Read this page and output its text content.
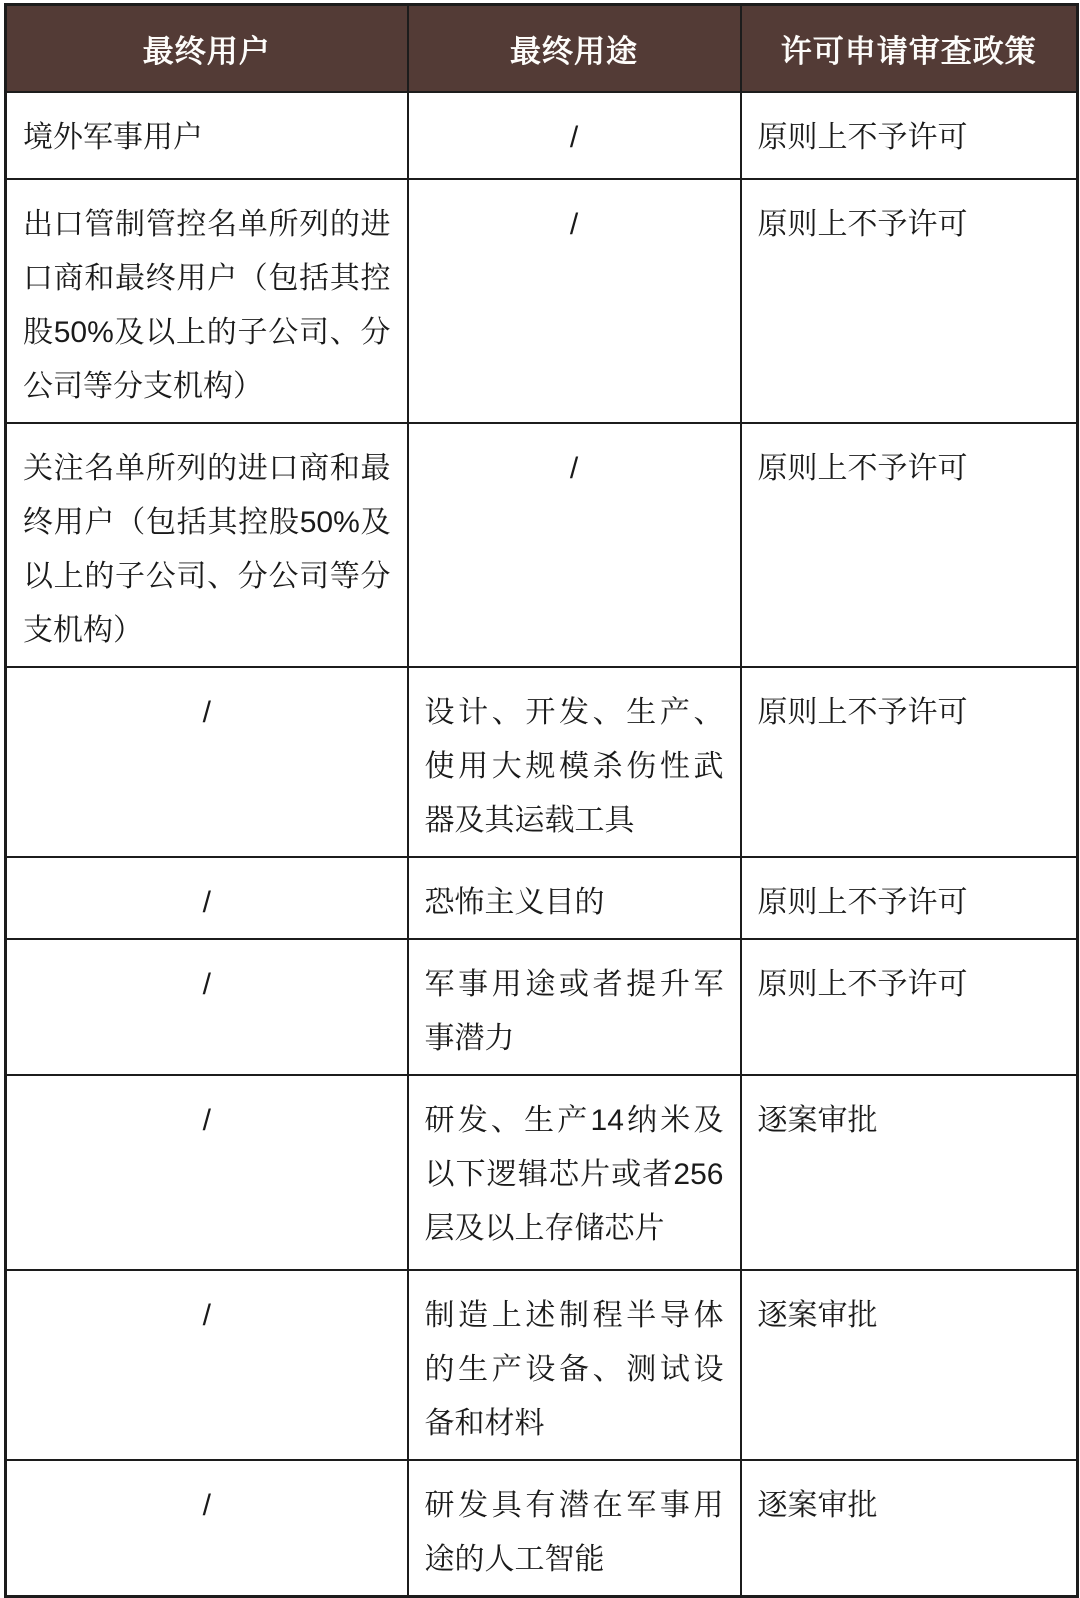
最终用户	最终用途	许可申请审查政策
境外军事用户	/	原则上不予许可
出口管制管控名单所列的进口商和最终用户（包括其控股50%及以上的子公司、分公司等分支机构）	/	原则上不予许可
关注名单所列的进口商和最终用户（包括其控股50%及以上的子公司、分公司等分支机构）	/	原则上不予许可
/	设计、开发、生产、使用大规模杀伤性武器及其运载工具	原则上不予许可
/	恐怖主义目的	原则上不予许可
/	军事用途或者提升军事潜力	原则上不予许可
/	研发、生产14纳米及以下逻辑芯片或者256层及以上存储芯片	逐案审批
/	制造上述制程半导体的生产设备、测试设备和材料	逐案审批
/	研发具有潜在军事用途的人工智能	逐案审批
